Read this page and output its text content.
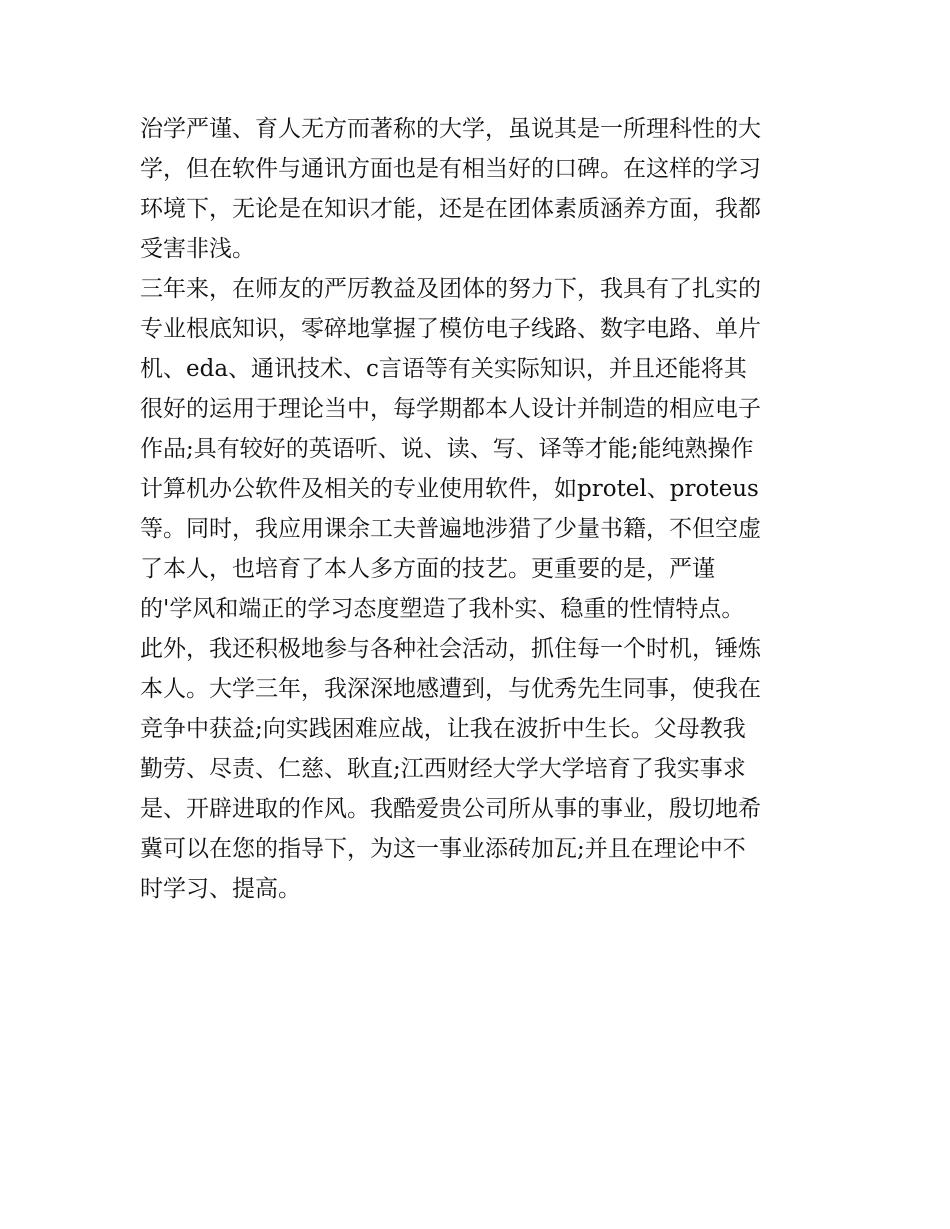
治学严谨、育人无方而著称的大学，虽说其是一所理科性的大
学，但在软件与通讯方面也是有相当好的口碑。在这样的学习
环境下，无论是在知识才能，还是在团体素质涵养方面，我都
受害非浅。
三年来，在师友的严厉教益及团体的努力下，我具有了扎实的
专业根底知识，零碎地掌握了模仿电子线路、数字电路、单片
机、eda、通讯技术、c言语等有关实际知识，并且还能将其
很好的运用于理论当中，每学期都本人设计并制造的相应电子
作品;具有较好的英语听、说、读、写、译等才能;能纯熟操作
计算机办公软件及相关的专业使用软件，如protel、proteus
等。同时，我应用课余工夫普遍地涉猎了少量书籍，不但空虚
了本人，也培育了本人多方面的技艺。更重要的是，严谨
的'学风和端正的学习态度塑造了我朴实、稳重的性情特点。
此外，我还积极地参与各种社会活动，抓住每一个时机，锤炼
本人。大学三年，我深深地感遭到，与优秀先生同事，使我在
竞争中获益;向实践困难应战，让我在波折中生长。父母教我
勤劳、尽责、仁慈、耿直;江西财经大学大学培育了我实事求
是、开辟进取的作风。我酷爱贵公司所从事的事业，殷切地希
冀可以在您的指导下，为这一事业添砖加瓦;并且在理论中不
时学习、提高。
